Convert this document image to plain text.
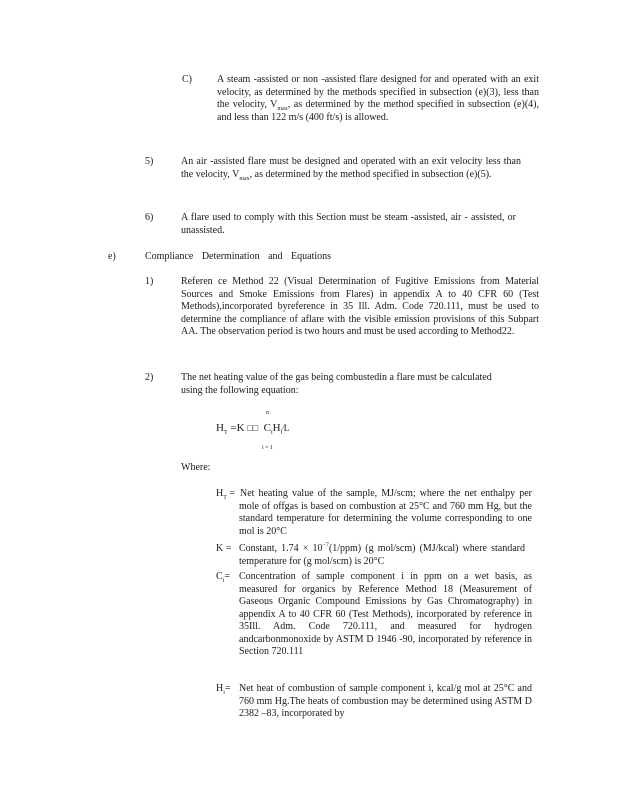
C)	A steam -assisted or non -assisted flare designed for and operated with an exit velocity, as determined by the methods specified in subsection (e)(3), less than the velocity, $V_{max}$, as determined by the method specified in subsection (e)(4), and less than 122 m/s (400 ft/s) is allowed.
5)	An air -assisted flare must be designed and operated with an exit velocity less than the velocity, $V_{max}$, as determined by the method specified in subsection (e)(5).
6)	A flare used to comply with this Section must be steam -assisted, air - assisted, or unassisted.
e)	Compliance Determination and Equations
1)	Referen ce Method 22 (Visual Determination of Fugitive Emissions from Material Sources and Smoke Emissions from Flares) in appendix A to 40 CFR 60 (Test Methods),incorporated byreference in 35 Ill. Adm. Code 720.111, must be used to determine the compliance of aflare with the visible emission provisions of this Subpart AA. The observation period is two hours and must be used according to Method22.
2)	The net heating value of the gas being combustedin a flare must be calculated using the following equation:
n
$H_T =K$ □□ $C_iH_i⁄L$
i = 1
Where:
$H_T$ = Net heating value of the sample, MJ/scm; where the net enthalpy per mole of offgas is based on combustion at 25°C and 760 mm Hg, but the standard temperature for determining the volume corresponding to one mol is 20°C
K = Constant, $1.74 \times 10^{-7}(1/ppm)$ (g mol/scm) (MJ/kcal) where standard temperature for (g mol/scm) is 20°C
$C_i=$ Concentration of sample component i in ppm on a wet basis, as measured for organics by Reference Method 18 (Measurement of Gaseous Organic Compound Emissions by Gas Chromatography) in appendix A to 40 CFR 60 (Test Methods), incorporated by reference in 35Ill. Adm. Code 720.111, and measured for hydrogen andcarbonmonoxide by ASTM D 1946 -90, incorporated by reference in Section 720.111
$H_i=$ Net heat of combustion of sample component i, kcal/g mol at 25°C and 760 mm Hg.The heats of combustion may be determined using ASTM D 2382 –83, incorporated by
